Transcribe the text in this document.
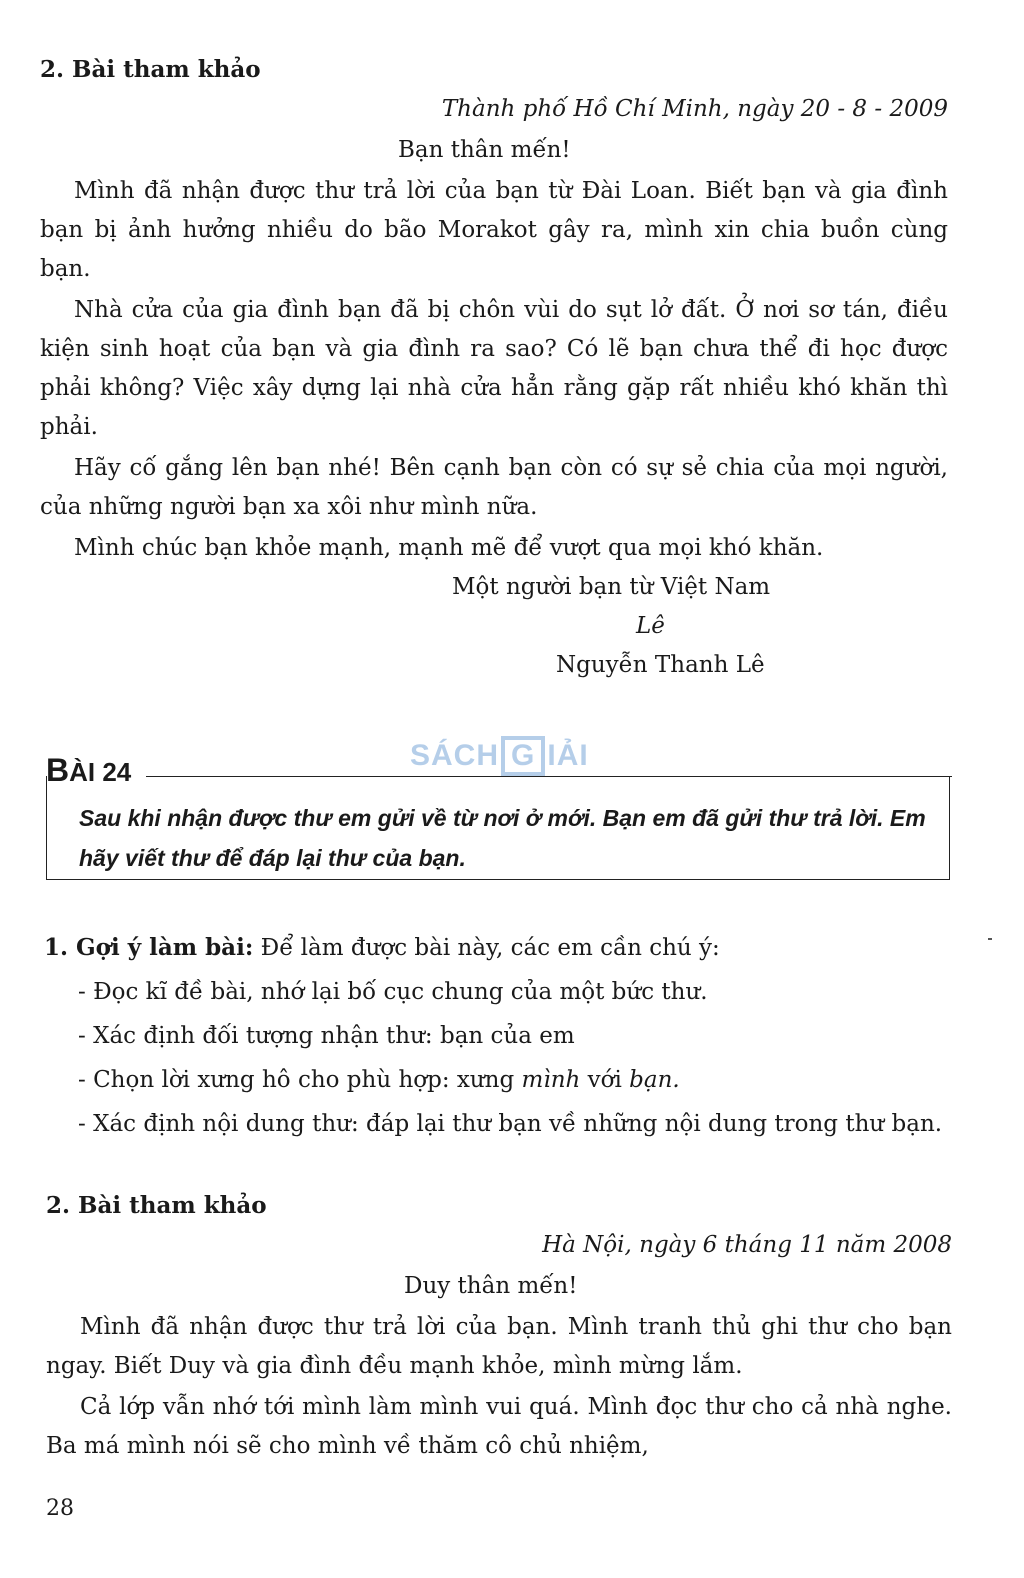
2. Bài tham khảo

Thành phố Hồ Chí Minh, ngày 20 - 8 - 2009

Bạn thân mến!

Mình đã nhận được thư trả lời của bạn từ Đài Loan. Biết bạn và gia đình bạn bị ảnh hưởng nhiều do bão Morakot gây ra, mình xin chia buồn cùng bạn.

Nhà cửa của gia đình bạn đã bị chôn vùi do sụt lở đất. Ở nơi sơ tán, điều kiện sinh hoạt của bạn và gia đình ra sao? Có lẽ bạn chưa thể đi học được phải không? Việc xây dựng lại nhà cửa hẳn rằng gặp rất nhiều khó khăn thì phải.

Hãy cố gắng lên bạn nhé! Bên cạnh bạn còn có sự sẻ chia của mọi người, của những người bạn xa xôi như mình nữa.

Mình chúc bạn khỏe mạnh, mạnh mẽ để vượt qua mọi khó khăn.

Một người bạn từ Việt Nam

Lê

Nguyễn Thanh Lê

BÀI 24	SÁCH G IẢI
Sau khi nhận được thư em gửi về từ nơi ở mới. Bạn em đã gửi thư trả lời. Em hãy viết thư để đáp lại thư của bạn.

1. Gợi ý làm bài: Để làm được bài này, các em cần chú ý:

- Đọc kĩ đề bài, nhớ lại bố cục chung của một bức thư.

- Xác định đối tượng nhận thư: bạn của em

- Chọn lời xưng hô cho phù hợp: xưng mình với bạn.

- Xác định nội dung thư: đáp lại thư bạn về những nội dung trong thư bạn.

2. Bài tham khảo

Hà Nội, ngày 6 tháng 11 năm 2008

Duy thân mến!

Mình đã nhận được thư trả lời của bạn. Mình tranh thủ ghi thư cho bạn ngay. Biết Duy và gia đình đều mạnh khỏe, mình mừng lắm.

Cả lớp vẫn nhớ tới mình làm mình vui quá. Mình đọc thư cho cả nhà nghe. Ba má mình nói sẽ cho mình về thăm cô chủ nhiệm,

28
